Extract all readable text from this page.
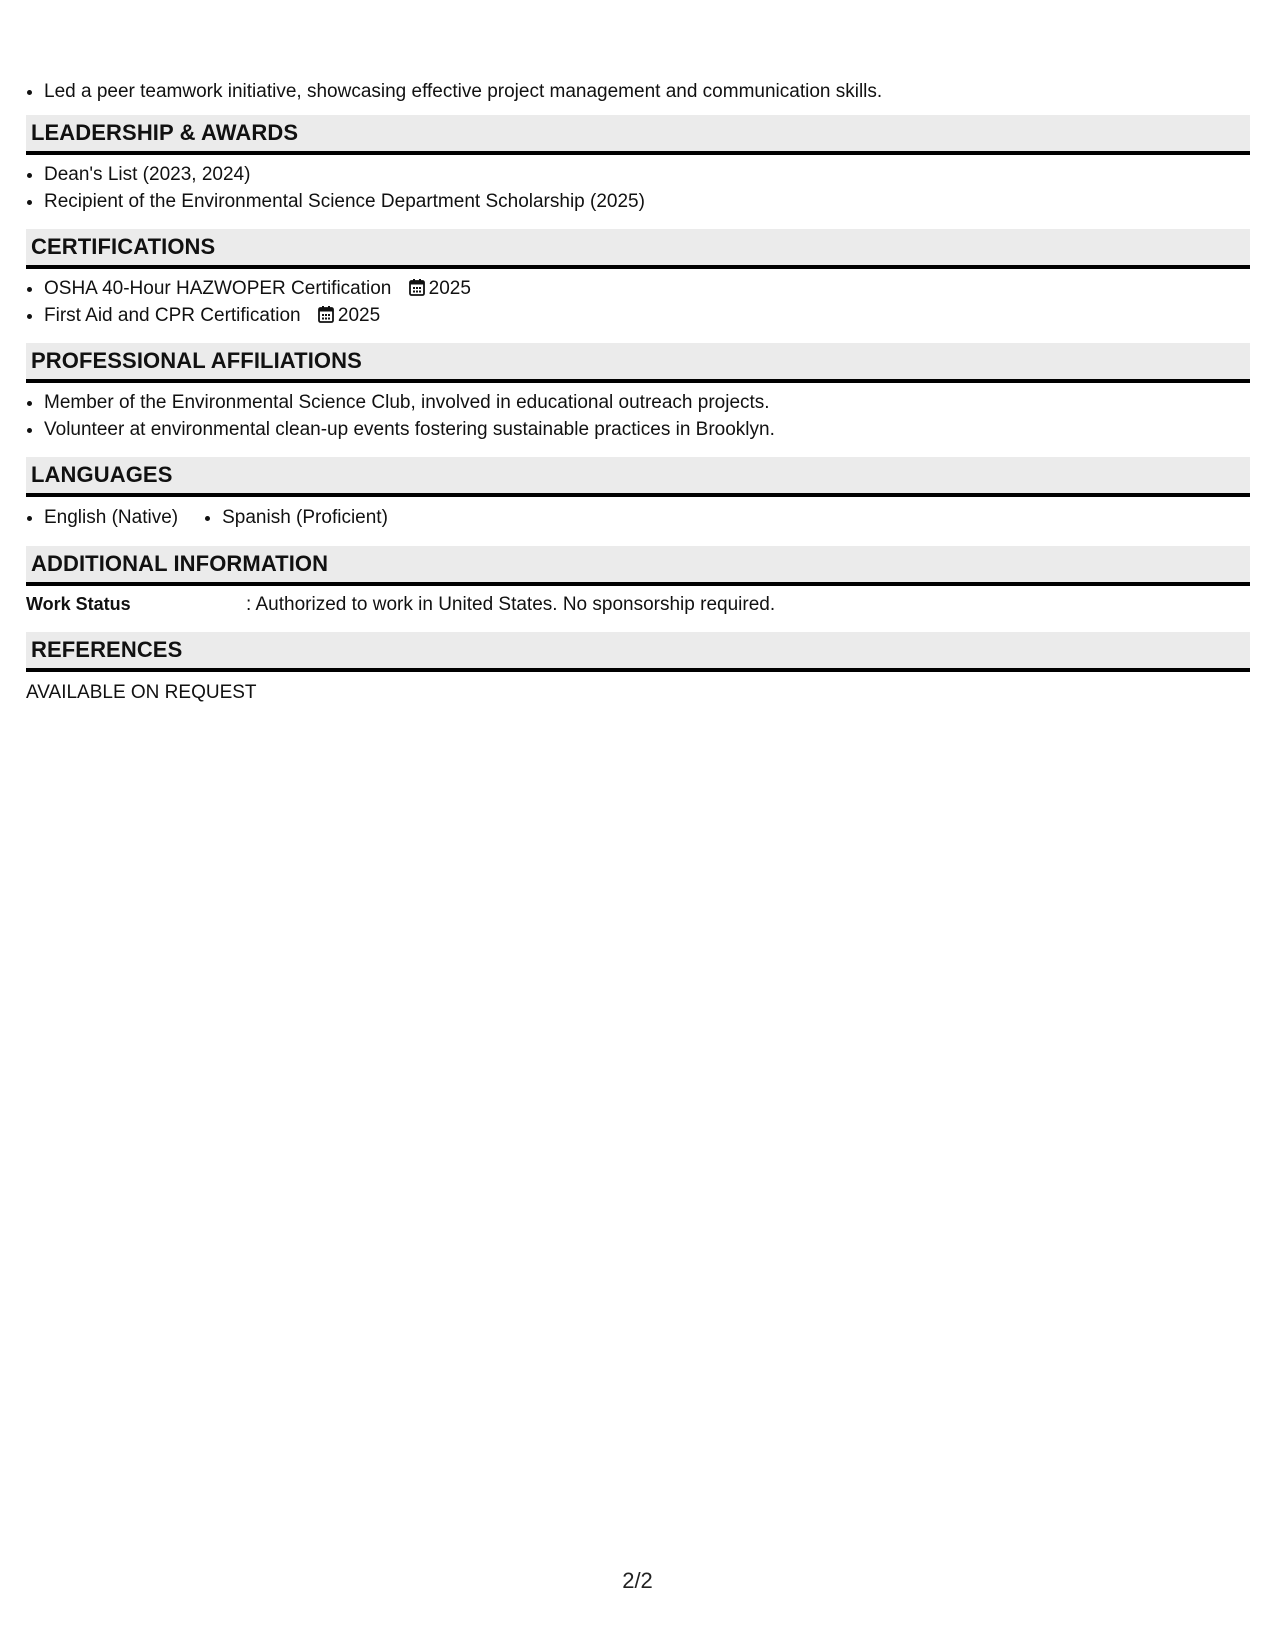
• Led a peer teamwork initiative, showcasing effective project management and communication skills.
LEADERSHIP & AWARDS
• Dean's List (2023, 2024)
• Recipient of the Environmental Science Department Scholarship (2025)
CERTIFICATIONS
• OSHA 40-Hour HAZWOPER Certification 2025
• First Aid and CPR Certification 2025
PROFESSIONAL AFFILIATIONS
• Member of the Environmental Science Club, involved in educational outreach projects.
• Volunteer at environmental clean-up events fostering sustainable practices in Brooklyn.
LANGUAGES
• English (Native)
• Spanish (Proficient)
ADDITIONAL INFORMATION
Work Status	: Authorized to work in United States. No sponsorship required.
REFERENCES
AVAILABLE ON REQUEST
2/2
